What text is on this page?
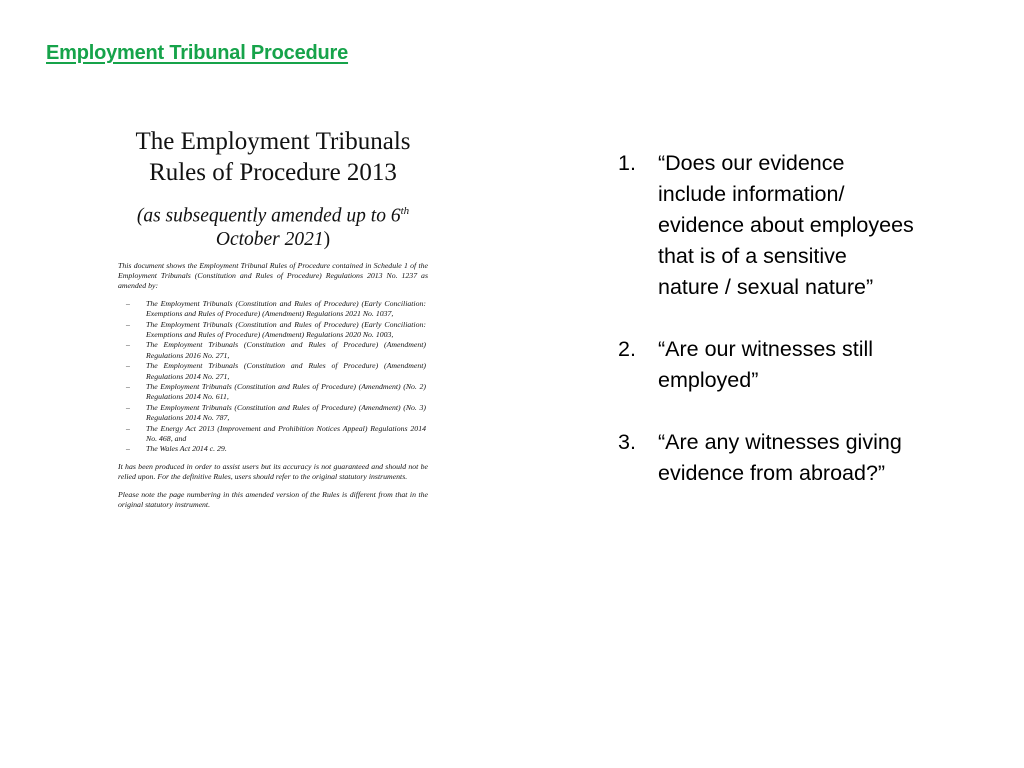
Employment Tribunal Procedure
The Employment Tribunals
Rules of Procedure 2013
(as subsequently amended up to 6th
October 2021)

This document shows the Employment Tribunal Rules of Procedure contained in Schedule 1 of the Employment Tribunals (Constitution and Rules of Procedure) Regulations 2013 No. 1237 as amended by:

– The Employment Tribunals (Constitution and Rules of Procedure) (Early Conciliation: Exemptions and Rules of Procedure) (Amendment) Regulations 2021 No. 1037,
– The Employment Tribunals (Constitution and Rules of Procedure) (Early Conciliation: Exemptions and Rules of Procedure) (Amendment) Regulations 2020 No. 1003,
– The Employment Tribunals (Constitution and Rules of Procedure) (Amendment) Regulations 2016 No. 271,
– The Employment Tribunals (Constitution and Rules of Procedure) (Amendment) Regulations 2014 No. 271,
– The Employment Tribunals (Constitution and Rules of Procedure) (Amendment) (No. 2) Regulations 2014 No. 611,
– The Employment Tribunals (Constitution and Rules of Procedure) (Amendment) (No. 3) Regulations 2014 No. 787,
– The Energy Act 2013 (Improvement and Prohibition Notices Appeal) Regulations 2014 No. 468, and
– The Wales Act 2014 c. 29.

It has been produced in order to assist users but its accuracy is not guaranteed and should not be relied upon. For the definitive Rules, users should refer to the original statutory instruments.

Please note the page numbering in this amended version of the Rules is different from that in the original statutory instrument.

1. “Does our evidence
include information/
evidence about employees
that is of a sensitive
nature / sexual nature”
2. “Are our witnesses still
employed”
3. “Are any witnesses giving
evidence from abroad?”
